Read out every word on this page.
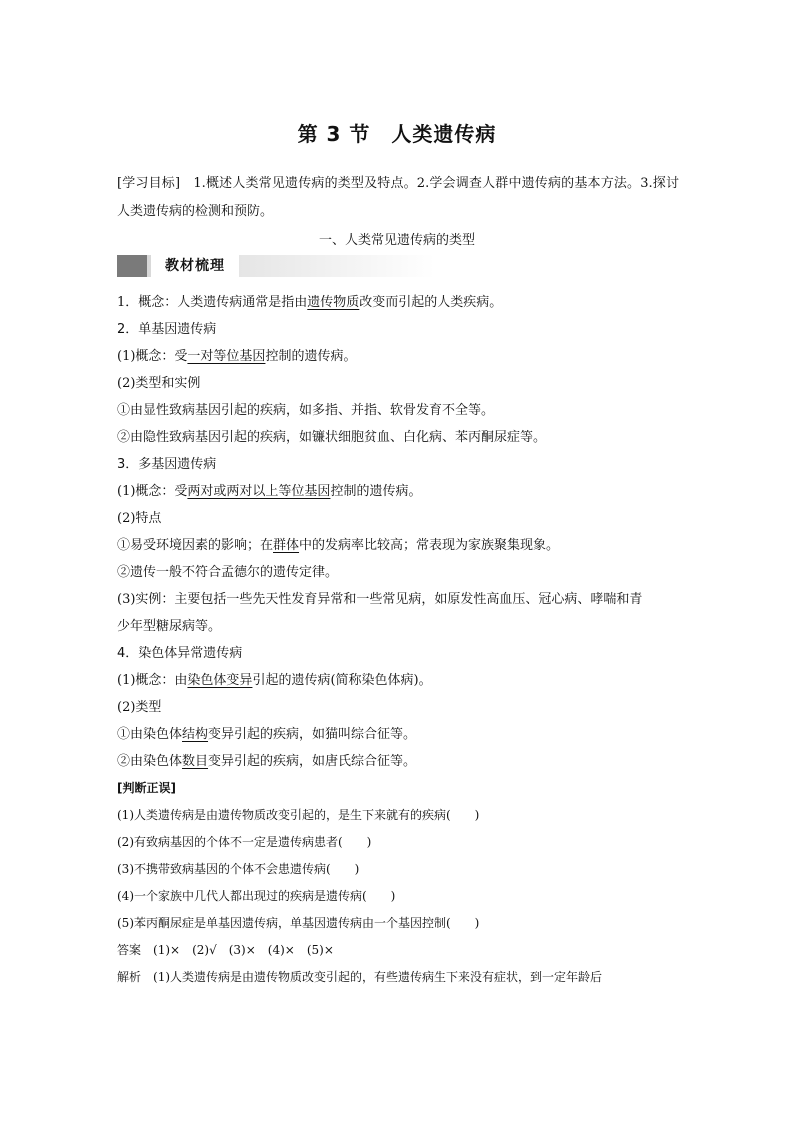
第 3 节　人类遗传病
[学习目标]　1.概述人类常见遗传病的类型及特点。2.学会调查人群中遗传病的基本方法。3.探讨人类遗传病的检测和预防。
一、人类常见遗传病的类型
教材梳理
1．概念：人类遗传病通常是指由遗传物质改变而引起的人类疾病。
2．单基因遗传病
(1)概念：受一对等位基因控制的遗传病。
(2)类型和实例
①由显性致病基因引起的疾病，如多指、并指、软骨发育不全等。
②由隐性致病基因引起的疾病，如镰状细胞贫血、白化病、苯丙酮尿症等。
3．多基因遗传病
(1)概念：受两对或两对以上等位基因控制的遗传病。
(2)特点
①易受环境因素的影响；在群体中的发病率比较高；常表现为家族聚集现象。
②遗传一般不符合孟德尔的遗传定律。
(3)实例：主要包括一些先天性发育异常和一些常见病，如原发性高血压、冠心病、哮喘和青
少年型糖尿病等。
4．染色体异常遗传病
(1)概念：由染色体变异引起的遗传病(简称染色体病)。
(2)类型
①由染色体结构变异引起的疾病，如猫叫综合征等。
②由染色体数目变异引起的疾病，如唐氏综合征等。
[判断正误]
(1)人类遗传病是由遗传物质改变引起的，是生下来就有的疾病(　　)
(2)有致病基因的个体不一定是遗传病患者(　　)
(3)不携带致病基因的个体不会患遗传病(　　)
(4)一个家族中几代人都出现过的疾病是遗传病(　　)
(5)苯丙酮尿症是单基因遗传病，单基因遗传病由一个基因控制(　　)
答案　(1)×　(2)√　(3)×　(4)×　(5)×
解析　(1)人类遗传病是由遗传物质改变引起的，有些遗传病生下来没有症状，到一定年龄后
